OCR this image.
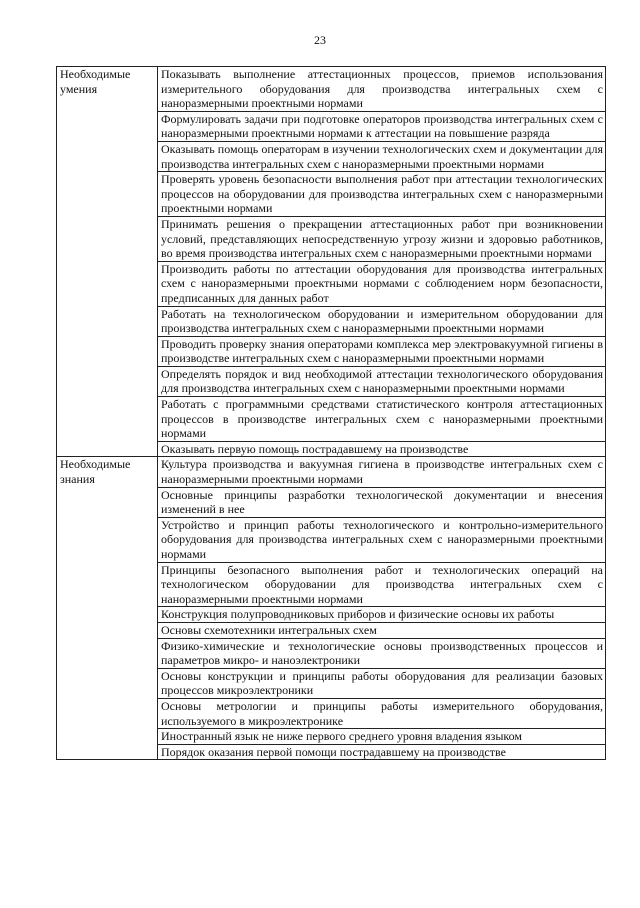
23
Необходимые умения	Показывать выполнение аттестационных процессов, приемов использования измерительного оборудования для производства интегральных схем с наноразмерными проектными нормами
	Формулировать задачи при подготовке операторов производства интегральных схем с наноразмерными проектными нормами к аттестации на повышение разряда
	Оказывать помощь операторам в изучении технологических схем и документации для производства интегральных схем с наноразмерными проектными нормами
	Проверять уровень безопасности выполнения работ при аттестации технологических процессов на оборудовании для производства интегральных схем с наноразмерными проектными нормами
	Принимать решения о прекращении аттестационных работ при возникновении условий, представляющих непосредственную угрозу жизни и здоровью работников, во время производства интегральных схем с наноразмерными проектными нормами
	Производить работы по аттестации оборудования для производства интегральных схем с наноразмерными проектными нормами с соблюдением норм безопасности, предписанных для данных работ
	Работать на технологическом оборудовании и измерительном оборудовании для производства интегральных схем с наноразмерными проектными нормами
	Проводить проверку знания операторами комплекса мер электровакуумной гигиены в производстве интегральных схем с наноразмерными проектными нормами
	Определять порядок и вид необходимой аттестации технологического оборудования для производства интегральных схем с наноразмерными проектными нормами
	Работать с программными средствами статистического контроля аттестационных процессов в производстве интегральных схем с наноразмерными проектными нормами
	Оказывать первую помощь пострадавшему на производстве
Необходимые знания	Культура производства и вакуумная гигиена в производстве интегральных схем с наноразмерными проектными нормами
	Основные принципы разработки технологической документации и внесения изменений в нее
	Устройство и принцип работы технологического и контрольно-измерительного оборудования для производства интегральных схем с наноразмерными проектными нормами
	Принципы безопасного выполнения работ и технологических операций на технологическом оборудовании для производства интегральных схем с наноразмерными проектными нормами
	Конструкция полупроводниковых приборов и физические основы их работы
	Основы схемотехники интегральных схем
	Физико-химические и технологические основы производственных процессов и параметров микро- и наноэлектроники
	Основы конструкции и принципы работы оборудования для реализации базовых процессов микроэлектроники
	Основы метрологии и принципы работы измерительного оборудования, используемого в микроэлектронике
	Иностранный язык не ниже первого среднего уровня владения языком
	Порядок оказания первой помощи пострадавшему на производстве
